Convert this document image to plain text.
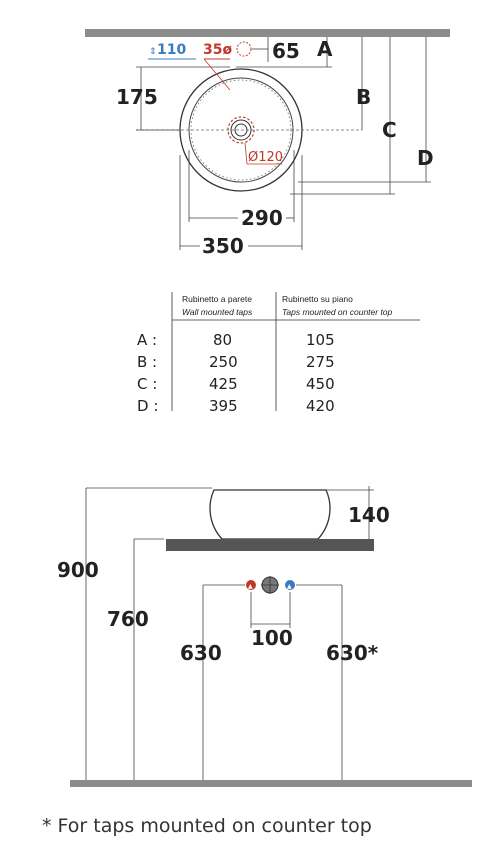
175
⇕ 110 35ø 65 A
B
C
D
Ø120
290
350
Rubinetto a parete
Wall mounted taps
Rubinetto su piano
Taps mounted on counter top
A :	80	105
B :	250	275
C :	425	450
D :	395	420
140
900
760
▲	▲
100
630	630*
* For taps mounted on counter top
